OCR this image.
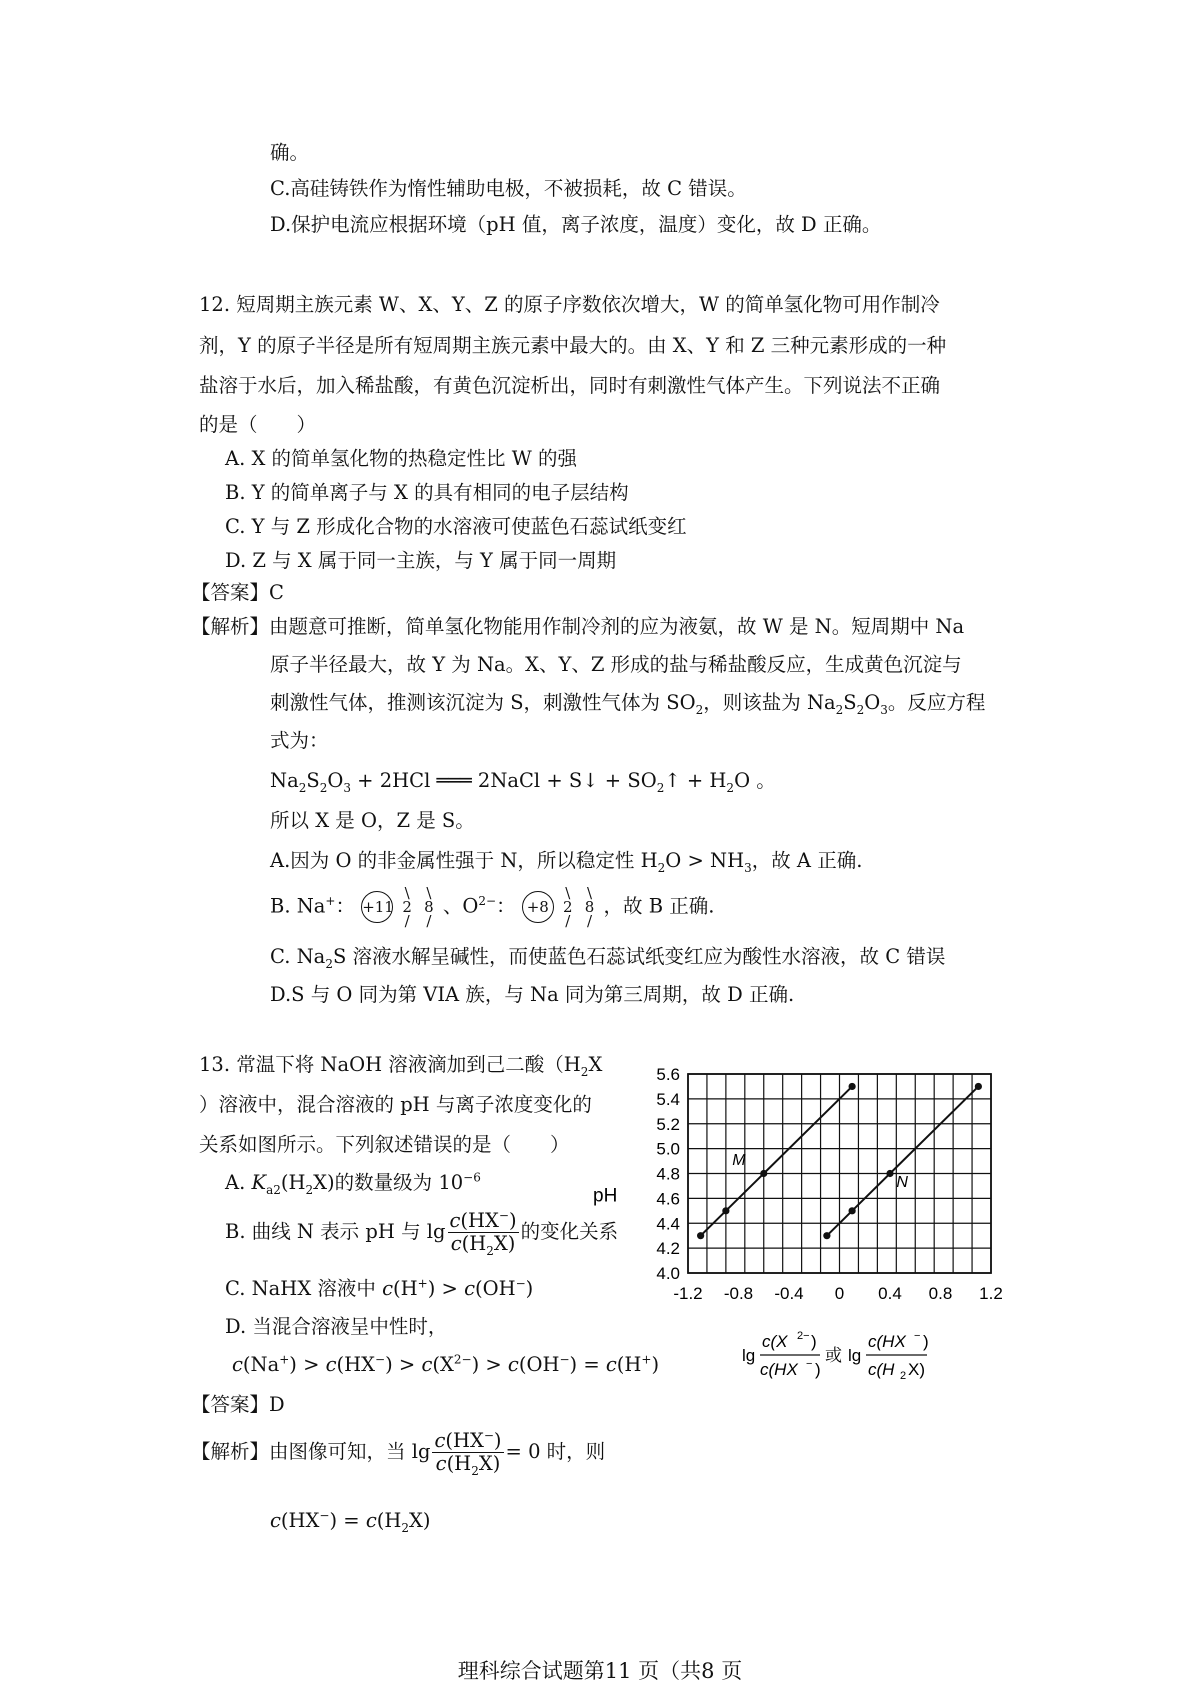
确。
C.高硅铸铁作为惰性辅助电极，不被损耗，故 C 错误。
D.保护电流应根据环境（pH 值，离子浓度，温度）变化，故 D 正确。
12. 短周期主族元素 W、X、Y、Z 的原子序数依次增大，W 的简单氢化物可用作制冷
剂，Y 的原子半径是所有短周期主族元素中最大的。由 X、Y 和 Z 三种元素形成的一种
盐溶于水后，加入稀盐酸，有黄色沉淀析出，同时有刺激性气体产生。下列说法不正确
的是（　　）
A. X 的简单氢化物的热稳定性比 W 的强
B. Y 的简单离子与 X 的具有相同的电子层结构
C. Y 与 Z 形成化合物的水溶液可使蓝色石蕊试纸变红
D. Z 与 X 属于同一主族，与 Y 属于同一周期
【答案】C
【解析】由题意可推断，简单氢化物能用作制冷剂的应为液氨，故 W 是 N。短周期中 Na
原子半径最大，故 Y 为 Na。X、Y、Z 形成的盐与稀盐酸反应，生成黄色沉淀与
刺激性气体，推测该沉淀为 S，刺激性气体为 $SO_2$，则该盐为 $Na_2S_2O_3$。反应方程
式为：
$Na_2S_2O_3 + 2HCl$ ═══ 2NaCl + S↓ + $SO_2↑ + H_2O$ 。
所以 X 是 O，Z 是 S。
A.因为 O 的非金属性强于 N，所以稳定性 $H_2O > NH_3$，故 A 正确.
B. Na+： +11 \
2
/ \
8
/ 、$O^{2-}$： +8 \
2
/ \
8
/ ，故 B 正确.
C. $Na_2S$ 溶液水解呈碱性，而使蓝色石蕊试纸变红应为酸性水溶液，故 C 错误
D.S 与 O 同为第 VIA 族，与 Na 同为第三周期，故 D 正确.
13. 常温下将 NaOH 溶液滴加到己二酸（$H_2X$
）溶液中，混合溶液的 pH 与离子浓度变化的
关系如图所示。下列叙述错误的是（　　）
A. $K_{a2}(H_2X)$的数量级为 $10^{-6}$
B. 曲线 N 表示 pH 与 $\lg \frac{c(HX^-)}{c(H_2X)}$ 的变化关系
C. NaHX 溶液中 c(H+) > c(OH−)
D. 当混合溶液呈中性时，
$c(Na^+) > c(HX^-) > c(X^{2-}) > c(OH^-) = c(H^+)$
【答案】D
【解析】由图像可知，当 $\lg \frac{c(HX^-)}{c(H_2X)} = 0$ 时，则
$c(HX^-) = c(H_2X)$
4.0
4.2
4.4
4.6
4.8
5.0
5.2
5.4
5.6
-1.2 -0.8 -0.4 0 0.4 0.8 1.2
pH
M
N
lg
c(X 2− )
c(HX − )
或 lg
c(HX − )
c(H 2 X)
理科综合试题第11 页（共8 页
